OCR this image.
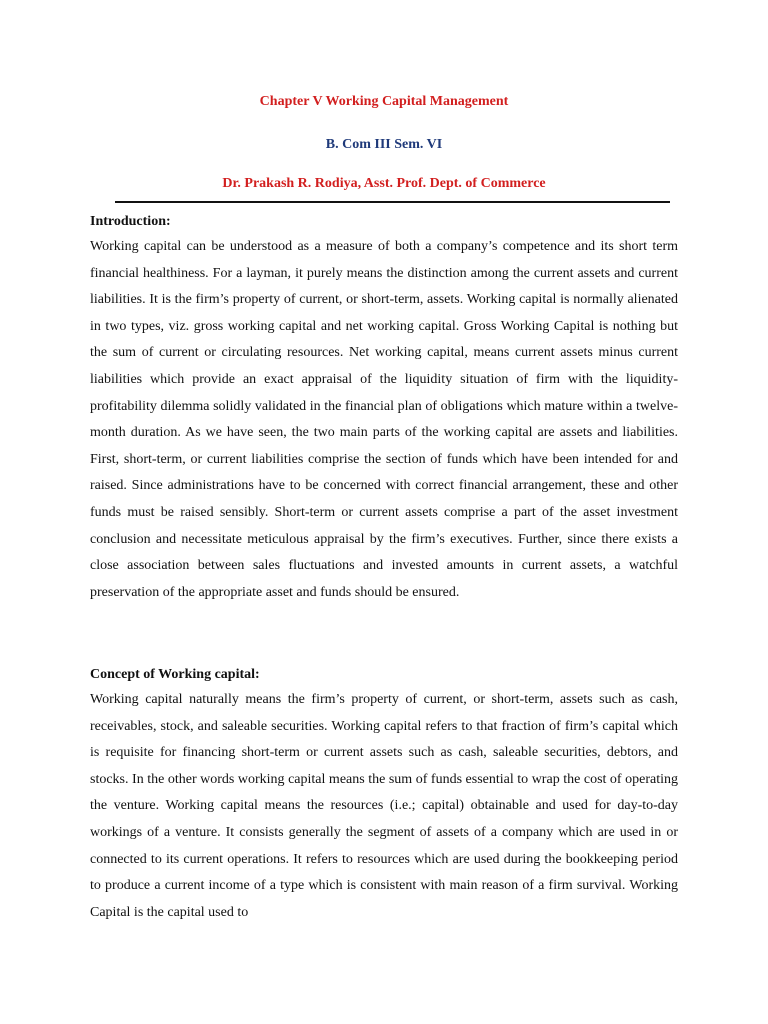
Chapter V Working Capital Management
B. Com III Sem. VI
Dr. Prakash R. Rodiya, Asst. Prof. Dept. of Commerce
Introduction:

Working capital can be understood as a measure of both a company’s competence and its short term financial healthiness. For a layman, it purely means the distinction among the current assets and current liabilities. It is the firm’s property of current, or short-term, assets. Working capital is normally alienated in two types, viz. gross working capital and net working capital. Gross Working Capital is nothing but the sum of current or circulating resources. Net working capital, means current assets minus current liabilities which provide an exact appraisal of the liquidity situation of firm with the liquidity-profitability dilemma solidly validated in the financial plan of obligations which mature within a twelve-month duration. As we have seen, the two main parts of the working capital are assets and liabilities. First, short-term, or current liabilities comprise the section of funds which have been intended for and raised. Since administrations have to be concerned with correct financial arrangement, these and other funds must be raised sensibly. Short-term or current assets comprise a part of the asset investment conclusion and necessitate meticulous appraisal by the firm’s executives. Further, since there exists a close association between sales fluctuations and invested amounts in current assets, a watchful preservation of the appropriate asset and funds should be ensured.

Concept of Working capital:

Working capital naturally means the firm’s property of current, or short-term, assets such as cash, receivables, stock, and saleable securities. Working capital refers to that fraction of firm’s capital which is requisite for financing short-term or current assets such as cash, saleable securities, debtors, and stocks. In the other words working capital means the sum of funds essential to wrap the cost of operating the venture. Working capital means the resources (i.e.; capital) obtainable and used for day-to-day workings of a venture. It consists generally the segment of assets of a company which are used in or connected to its current operations. It refers to resources which are used during the bookkeeping period to produce a current income of a type which is consistent with main reason of a firm survival. Working Capital is the capital used to
